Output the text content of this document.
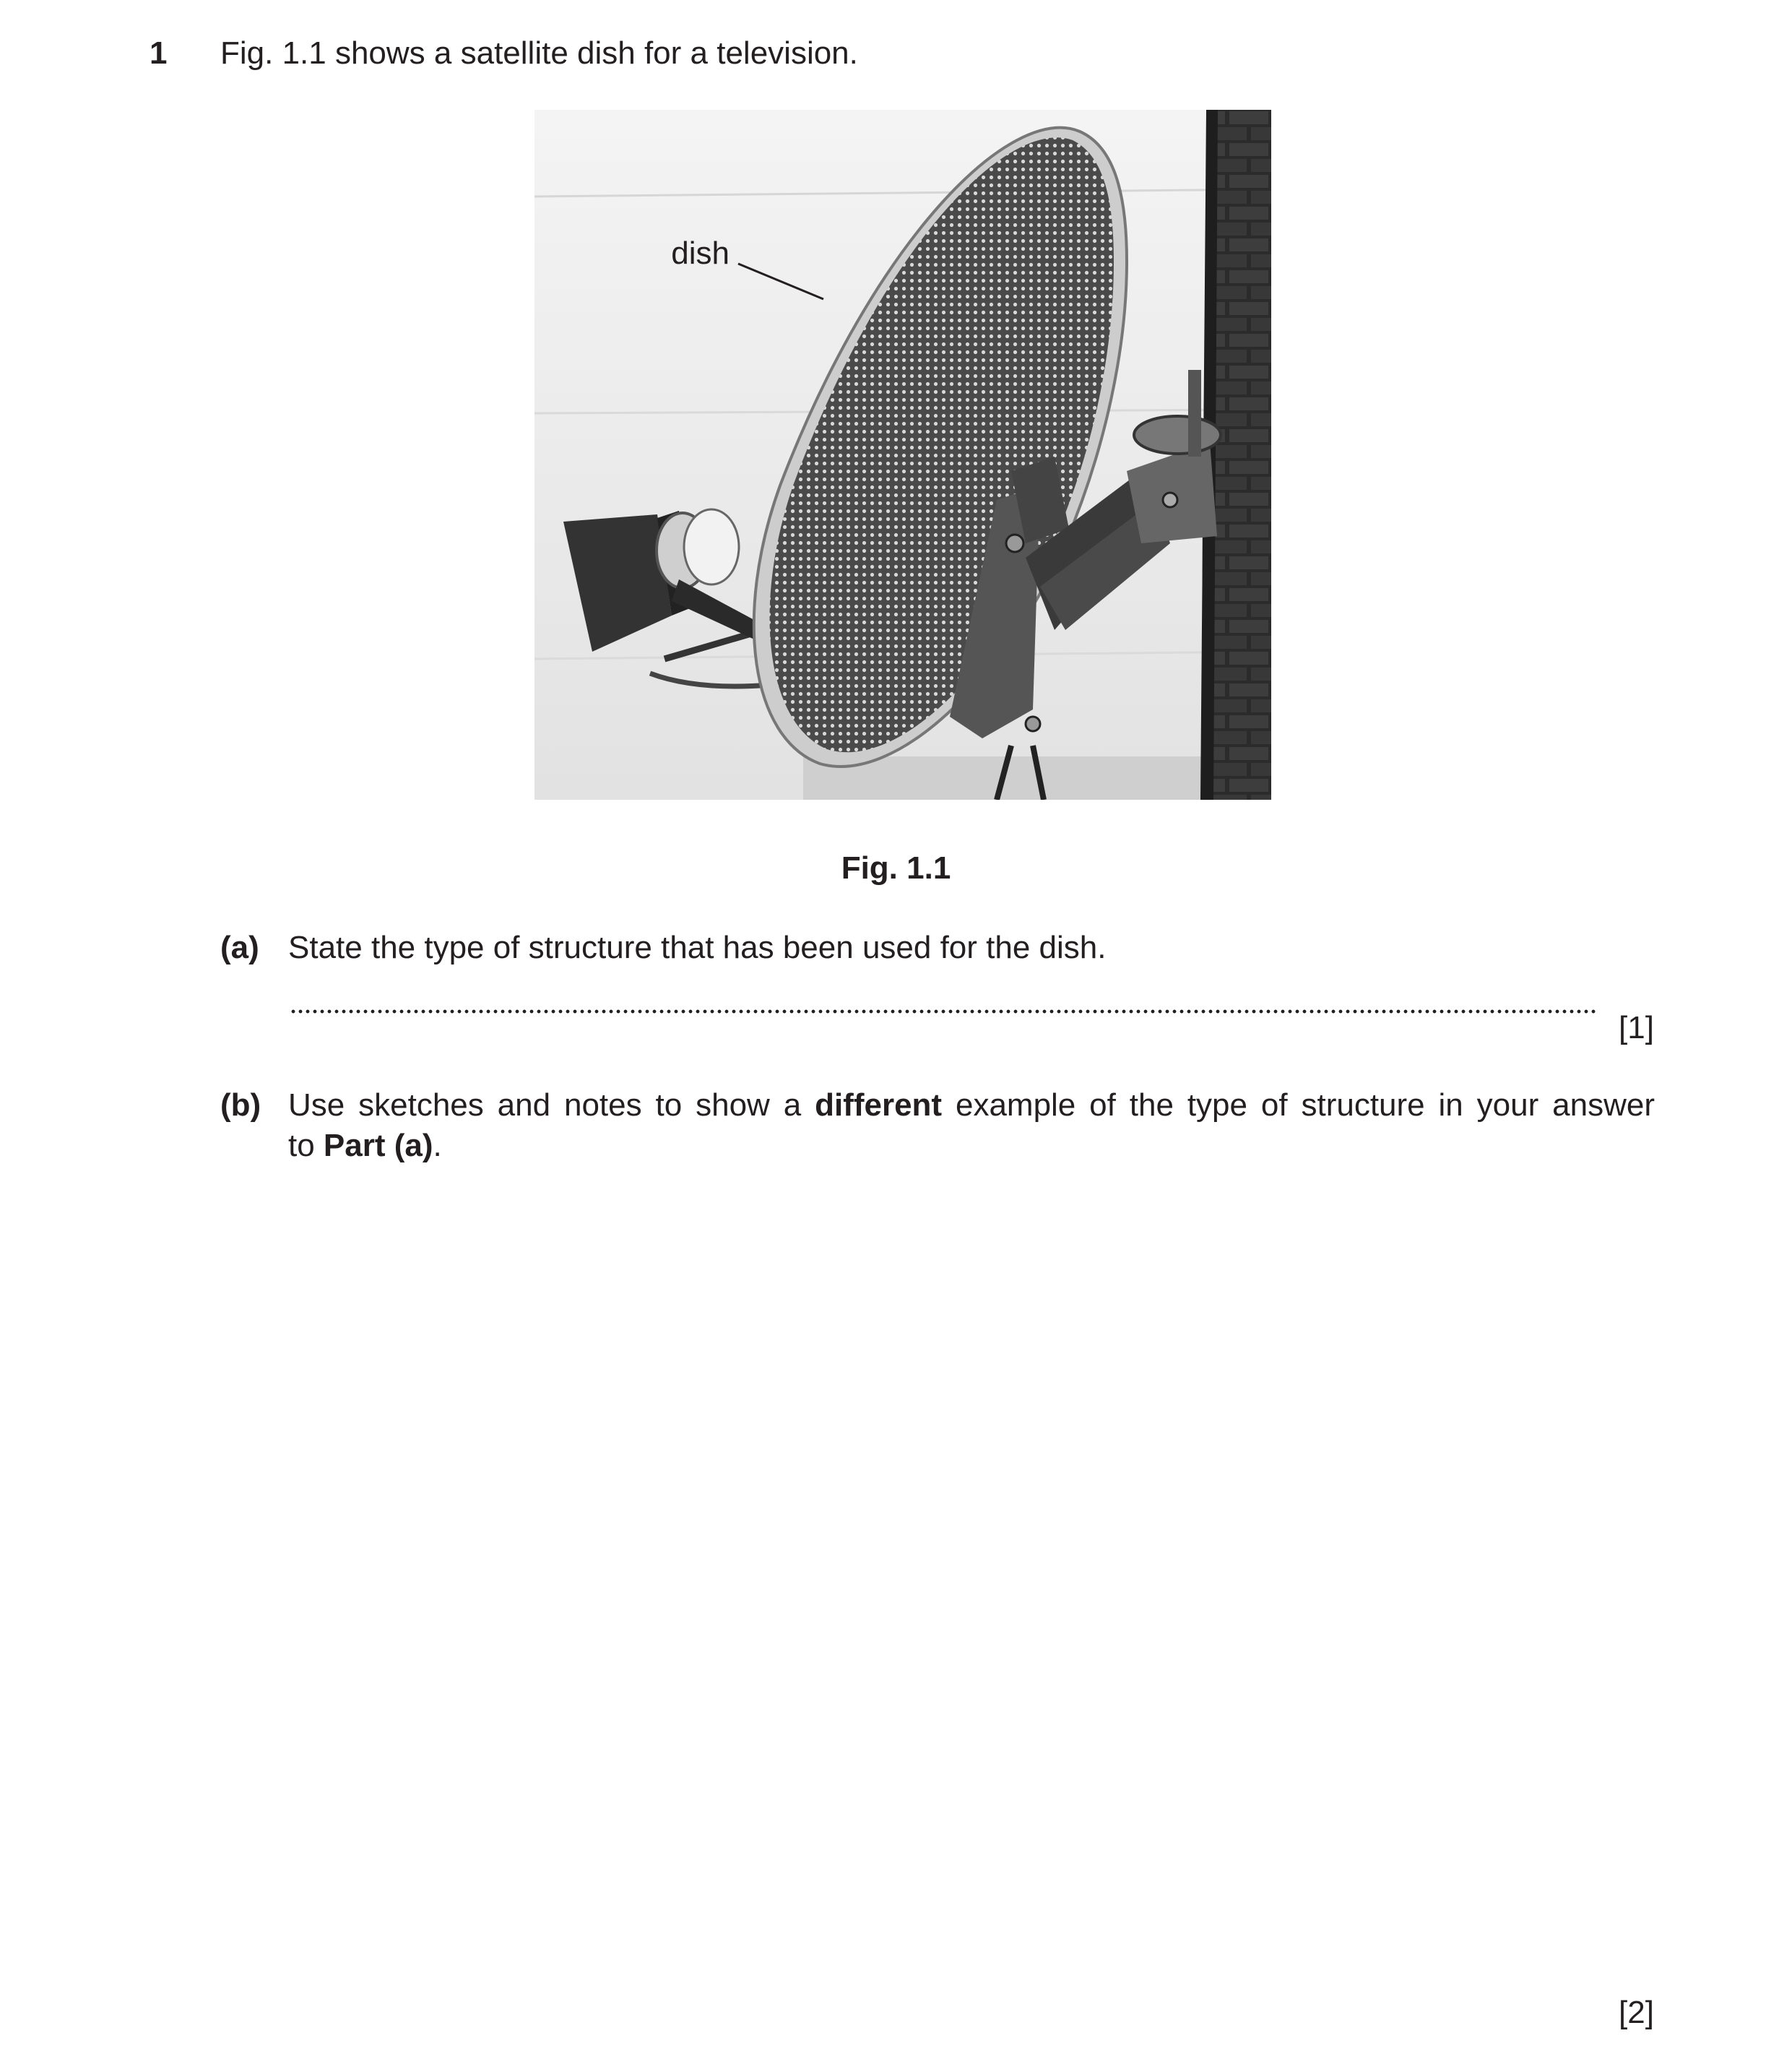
1 Fig. 1.1 shows a satellite dish for a television.
dish
Fig. 1.1
(a) State the type of structure that has been used for the dish.
[1]
(b) Use sketches and notes to show a different example of the type of structure in your answer
to Part (a).
[2]
